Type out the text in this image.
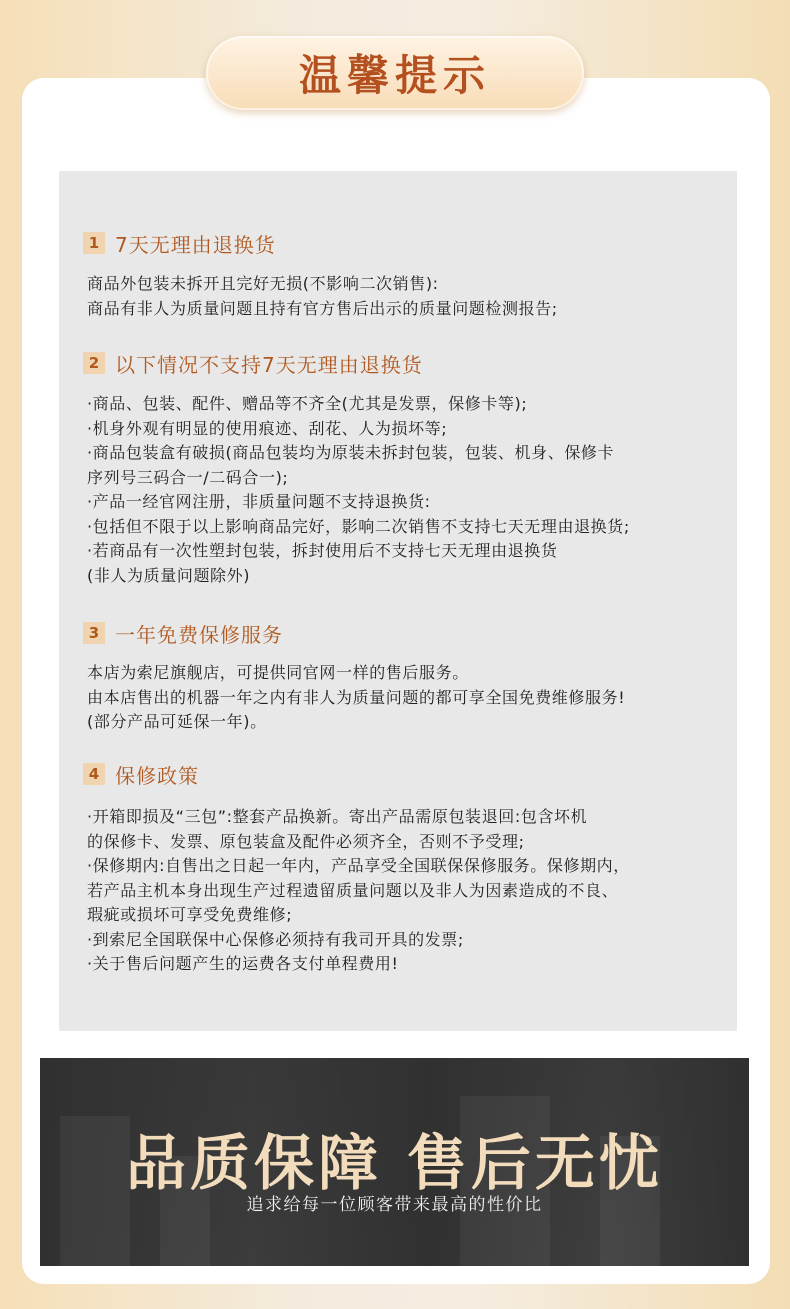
温馨提示
1 7天无理由退换货
商品外包装未拆开且完好无损(不影响二次销售):
商品有非人为质量问题且持有官方售后出示的质量问题检测报告;
2 以下情况不支持7天无理由退换货
·商品、包装、配件、赠品等不齐全(尤其是发票，保修卡等);
·机身外观有明显的使用痕迹、刮花、人为损坏等;
·商品包装盒有破损(商品包装均为原装未拆封包装，包装、机身、保修卡
序列号三码合一/二码合一);
·产品一经官网注册，非质量问题不支持退换货:
·包括但不限于以上影响商品完好，影响二次销售不支持七天无理由退换货;
·若商品有一次性塑封包装，拆封使用后不支持七天无理由退换货
(非人为质量问题除外)
3 一年免费保修服务
本店为索尼旗舰店，可提供同官网一样的售后服务。
由本店售出的机器一年之内有非人为质量问题的都可享全国免费维修服务!
(部分产品可延保一年)。
4 保修政策
·开箱即损及“三包”:整套产品换新。寄出产品需原包装退回:包含坏机
的保修卡、发票、原包装盒及配件必须齐全，否则不予受理;
·保修期内:自售出之日起一年内，产品享受全国联保保修服务。保修期内，
若产品主机本身出现生产过程遗留质量问题以及非人为因素造成的不良、
瑕疵或损坏可享受免费维修;
·到索尼全国联保中心保修必须持有我司开具的发票;
·关于售后问题产生的运费各支付单程费用!
品质保障 售后无忧
追求给每一位顾客带来最高的性价比
